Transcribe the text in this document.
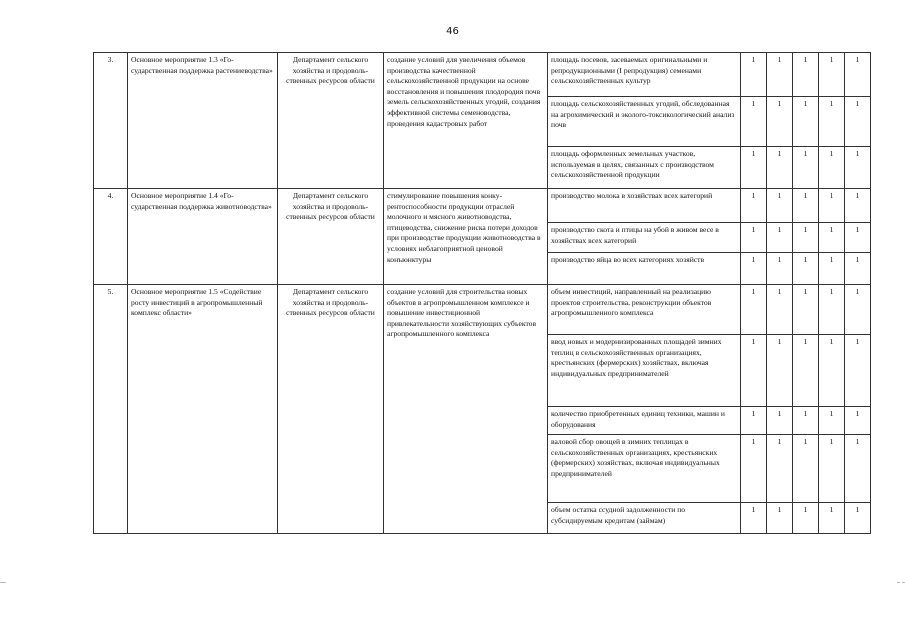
46
3.	Основное мероприятие 1.3 «Государственная поддержка растениеводства»	Департамент сельского хозяйства и продовольственных ресурсов области	создание условий для увеличения объемов производства качественной сельскохозяйственной продукции на основе восстановления и повышения плодородия почв земель сельскохозяйственных угодий, создания эффективной системы семеноводства, проведения кадастровых работ	площадь посевов, засеваемых оригинальными и репродукционными (I репродукция) семенами сельскохозяйственных культур	1	1	1	1	1
				площадь сельскохозяйственных угодий, обследованная на агрохимический и эколого-токсикологический анализ почв	1	1	1	1	1
				площадь оформленных земельных участков, используемая в целях, связанных с производством сельскохозяйственной продукции	1	1	1	1	1
4.	Основное мероприятие 1.4 «Государственная поддержка животноводства»	Департамент сельского хозяйства и продовольственных ресурсов области	стимулирование повышения конкурентоспособности продукции отраслей молочного и мясного животноводства, птицеводства, снижение риска потери доходов при производстве продукции животноводства в условиях неблагоприятной ценовой конъюнктуры	производство молока в хозяйствах всех категорий	1	1	1	1	1
				производство скота и птицы на убой в живом весе в хозяйствах всех категорий	1	1	1	1	1
				производство яйца во всех категориях хозяйств	1	1	1	1	1
5.	Основное мероприятие 1.5 «Содействие росту инвестиций в агропромышленный комплекс области»	Департамент сельского хозяйства и продовольственных ресурсов области	создание условий для строительства новых объектов в агропромышленном комплексе и повышение инвестиционной привлекательности хозяйствующих субъектов агропромышленного комплекса	объем инвестиций, направленный на реализацию проектов строительства, реконструкции объектов агропромышленного комплекса	1	1	1	1	1
				ввод новых и модернизированных площадей зимних теплиц в сельскохозяйственных организациях, крестьянских (фермерских) хозяйствах, включая индивидуальных предпринимателей	1	1	1	1	1
				количество приобретенных единиц техники, машин и оборудования	1	1	1	1	1
				валовой сбор овощей в зимних теплицах в сельскохозяйственных организациях, крестьянских (фермерских) хозяйствах, включая индивидуальных предпринимателей	1	1	1	1	1
				объем остатка ссудной задолженности по субсидируемым кредитам (займам)	1	1	1	1	1
